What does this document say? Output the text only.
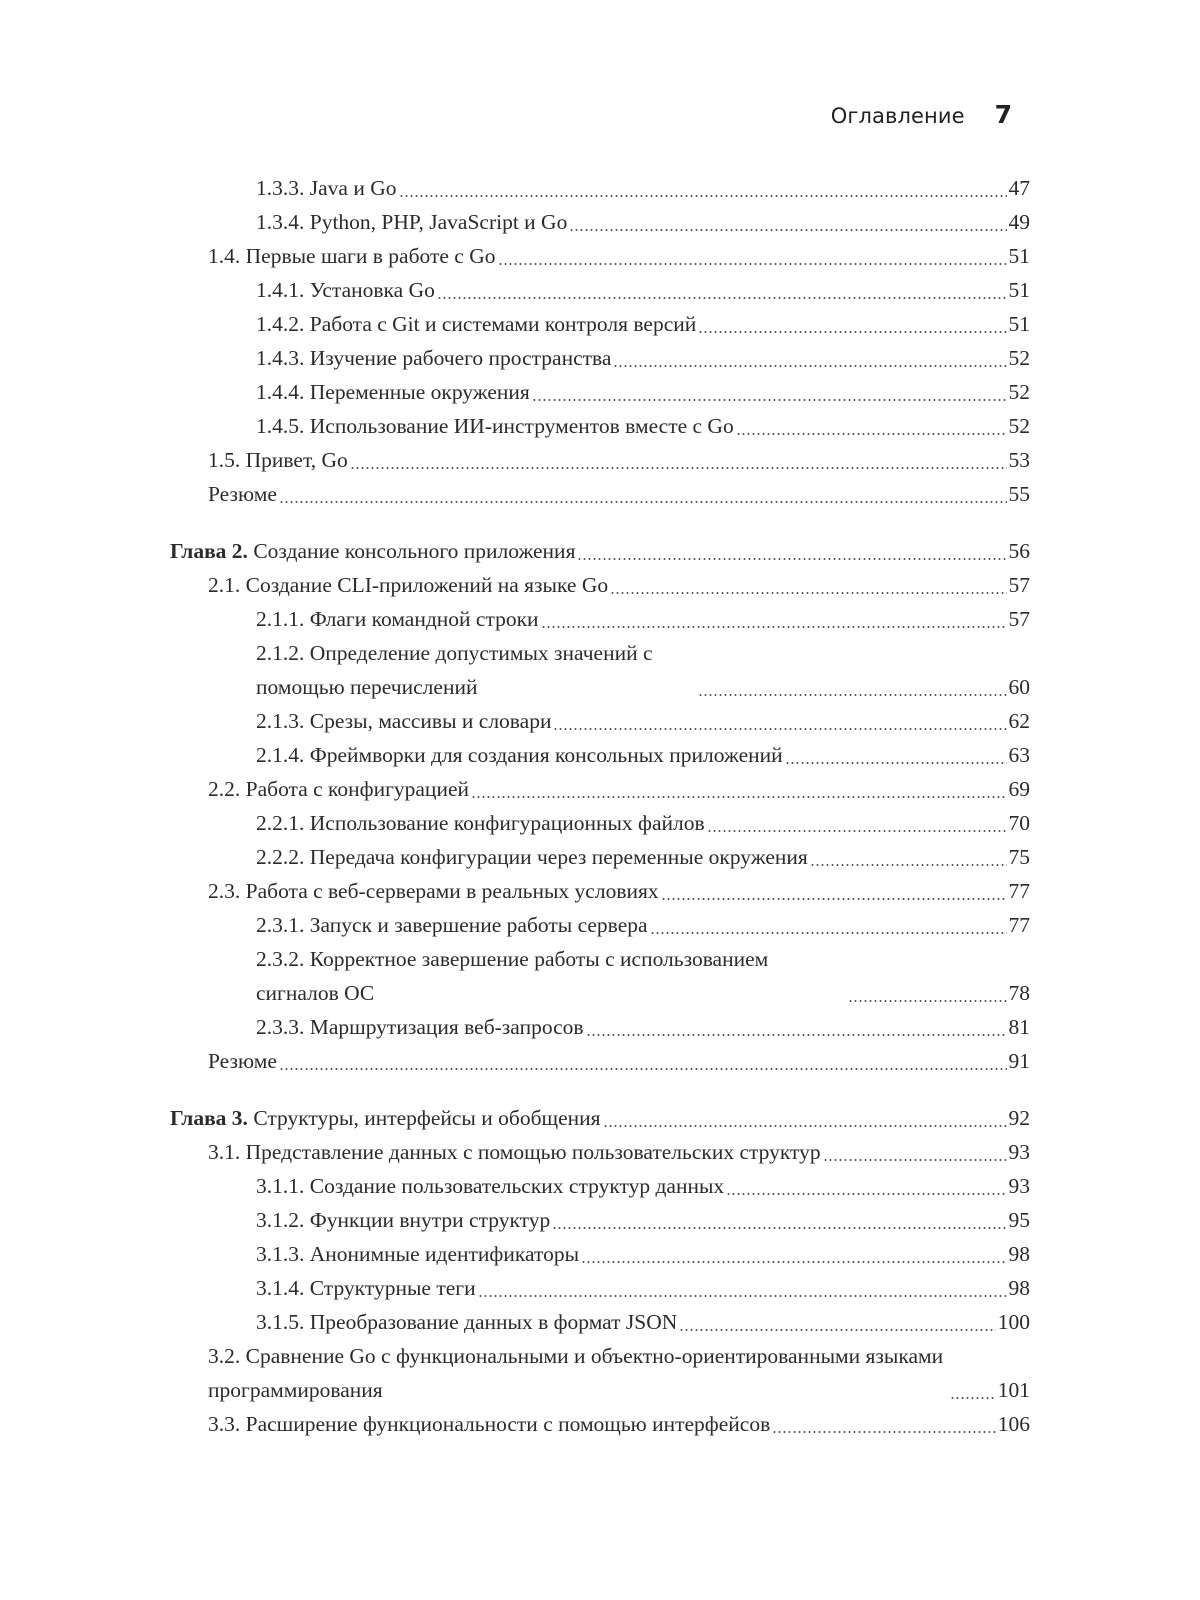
Оглавление 7
1.3.3. Java и Go	47
1.3.4. Python, PHP, JavaScript и Go	49
1.4. Первые шаги в работе с Go	51
1.4.1. Установка Go	51
1.4.2. Работа с Git и системами контроля версий	51
1.4.3. Изучение рабочего пространства	52
1.4.4. Переменные окружения	52
1.4.5. Использование ИИ-инструментов вместе с Go	52
1.5. Привет, Go	53
Резюме	55
Глава 2. Создание консольного приложения	56
2.1. Создание CLI-приложений на языке Go	57
2.1.1. Флаги командной строки	57
2.1.2. Определение допустимых значений с помощью перечислений	60
2.1.3. Срезы, массивы и словари	62
2.1.4. Фреймворки для создания консольных приложений	63
2.2. Работа с конфигурацией	69
2.2.1. Использование конфигурационных файлов	70
2.2.2. Передача конфигурации через переменные окружения	75
2.3. Работа с веб-серверами в реальных условиях	77
2.3.1. Запуск и завершение работы сервера	77
2.3.2. Корректное завершение работы с использованием сигналов ОС	78
2.3.3. Маршрутизация веб-запросов	81
Резюме	91
Глава 3. Структуры, интерфейсы и обобщения	92
3.1. Представление данных с помощью пользовательских структур	93
3.1.1. Создание пользовательских структур данных	93
3.1.2. Функции внутри структур	95
3.1.3. Анонимные идентификаторы	98
3.1.4. Структурные теги	98
3.1.5. Преобразование данных в формат JSON	100
3.2. Сравнение Go с функциональными и объектно-ориентированными языками программирования	101
3.3. Расширение функциональности с помощью интерфейсов	106
